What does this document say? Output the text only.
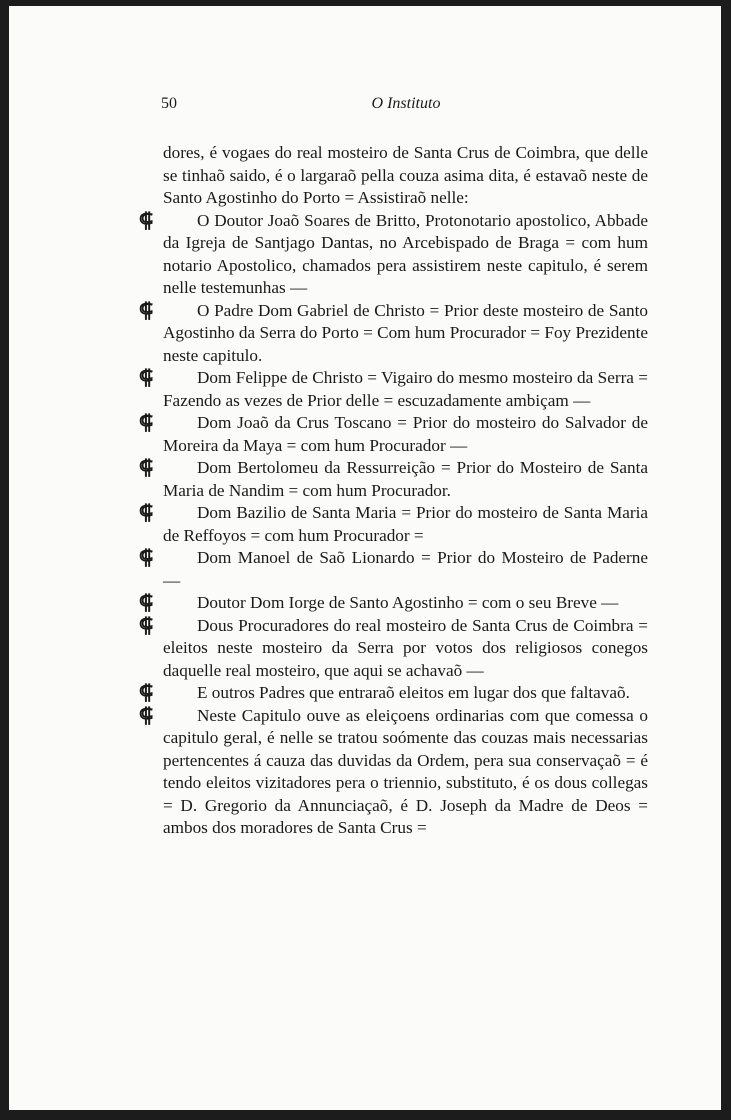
50	O Instituto

dores, é vogaes do real mosteiro de Santa Crus de Coimbra, que delle se tinhaõ saido, é o largaraõ pella couza asima dita, é estavaõ neste de Santo Agostinho do Porto = Assistiraõ nelle:

⸿	O Doutor Joaõ Soares de Britto, Protonotario apostolico, Abbade da Igreja de Santjago Dantas, no Arcebispado de Braga = com hum notario Apostolico, chamados pera assistirem neste capitulo, é serem nelle testemunhas —

⸿	O Padre Dom Gabriel de Christo = Prior deste mosteiro de Santo Agostinho da Serra do Porto = Com hum Procurador = Foy Prezidente neste capitulo.

⸿	Dom Felippe de Christo = Vigairo do mesmo mosteiro da Serra = Fazendo as vezes de Prior delle = escuzadamente ambiçam —

⸿	Dom Joaõ da Crus Toscano = Prior do mosteiro do Salvador de Moreira da Maya = com hum Procurador —

⸿	Dom Bertolomeu da Ressurreição = Prior do Mosteiro de Santa Maria de Nandim = com hum Procurador.

⸿	Dom Bazilio de Santa Maria = Prior do mosteiro de Santa Maria de Reffoyos = com hum Procurador =

⸿	Dom Manoel de Saõ Lionardo = Prior do Mosteiro de Paderne —

⸿	Doutor Dom Iorge de Santo Agostinho = com o seu Breve —

⸿	Dous Procuradores do real mosteiro de Santa Crus de Coimbra = eleitos neste mosteiro da Serra por votos dos religiosos conegos daquelle real mosteiro, que aqui se achavaõ —

⸿	E outros Padres que entraraõ eleitos em lugar dos que faltavaõ.

⸿	Neste Capitulo ouve as eleiçoens ordinarias com que comessa o capitulo geral, é nelle se tratou soómente das couzas mais necessarias pertencentes á cauza das duvidas da Ordem, pera sua conservaçaõ = é tendo eleitos vizitadores pera o triennio, substituto, é os dous collegas = D. Gregorio da Annunciaçaõ, é D. Joseph da Madre de Deos = ambos dos moradores de Santa Crus =
